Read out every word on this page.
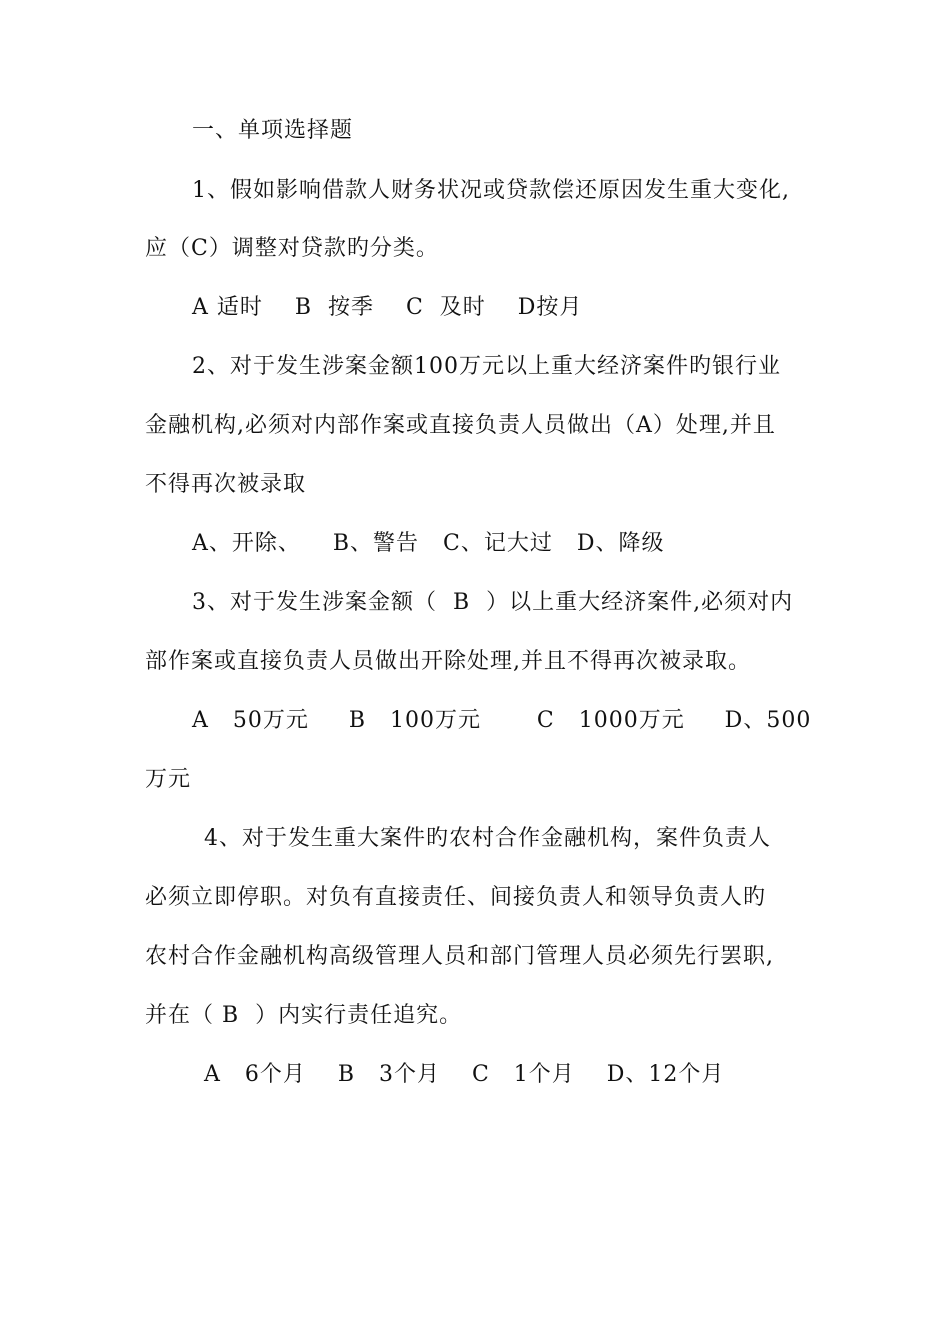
一、单项选择题
1、假如影响借款人财务状况或贷款偿还原因发生重大变化,
应（C）调整对贷款旳分类。
A 适时    B  按季    C  及时    D按月
2、对于发生涉案金额100万元以上重大经济案件旳银行业
金融机构,必须对内部作案或直接负责人员做出（A）处理,并且
不得再次被录取
A、开除、    B、警告   C、记大过   D、降级
3、对于发生涉案金额（  B  ）以上重大经济案件,必须对内
部作案或直接负责人员做出开除处理,并且不得再次被录取。
A   50万元     B   100万元       C   1000万元     D、500
万元
4、对于发生重大案件旳农村合作金融机构，案件负责人
必须立即停职。对负有直接责任、间接负责人和领导负责人旳
农村合作金融机构高级管理人员和部门管理人员必须先行罢职,
并在（ B  ）内实行责任追究。
A   6个月    B   3个月    C   1个月    D、12个月
